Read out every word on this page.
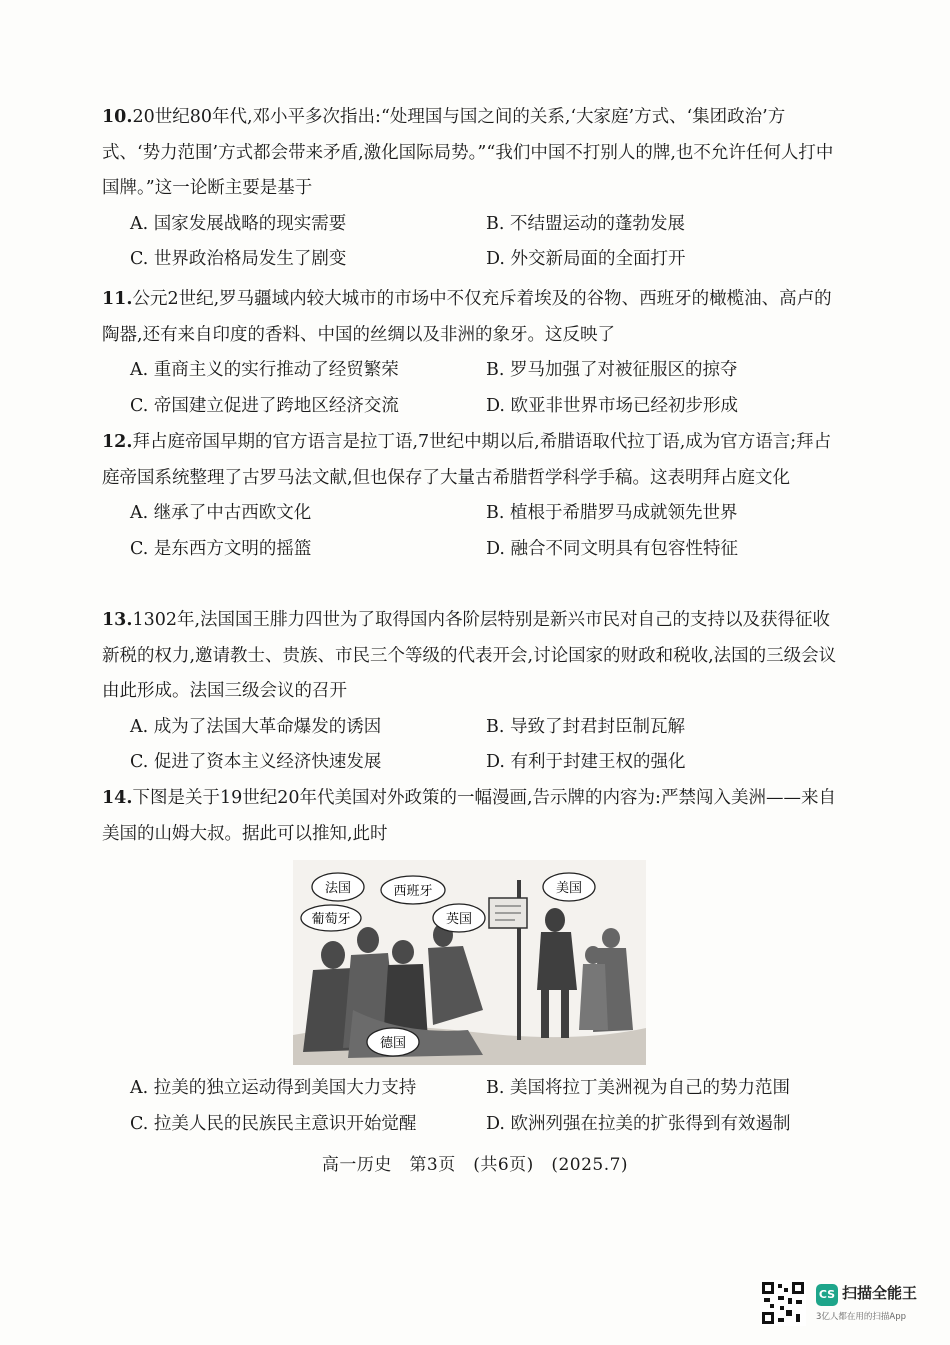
10.20世纪80年代,邓小平多次指出:“处理国与国之间的关系,‘大家庭’方式、‘集团政治’方式、‘势力范围’方式都会带来矛盾,激化国际局势。”“我们中国不打别人的牌,也不允许任何人打中国牌。”这一论断主要是基于

A. 国家发展战略的现实需要	B. 不结盟运动的蓬勃发展
C. 世界政治格局发生了剧变	D. 外交新局面的全面打开

11.公元2世纪,罗马疆域内较大城市的市场中不仅充斥着埃及的谷物、西班牙的橄榄油、高卢的陶器,还有来自印度的香料、中国的丝绸以及非洲的象牙。这反映了

A. 重商主义的实行推动了经贸繁荣	B. 罗马加强了对被征服区的掠夺
C. 帝国建立促进了跨地区经济交流	D. 欧亚非世界市场已经初步形成

12.拜占庭帝国早期的官方语言是拉丁语,7世纪中期以后,希腊语取代拉丁语,成为官方语言;拜占庭帝国系统整理了古罗马法文献,但也保存了大量古希腊哲学科学手稿。这表明拜占庭文化

A. 继承了中古西欧文化	B. 植根于希腊罗马成就领先世界
C. 是东西方文明的摇篮	D. 融合不同文明具有包容性特征

13.1302年,法国国王腓力四世为了取得国内各阶层特别是新兴市民对自己的支持以及获得征收新税的权力,邀请教士、贵族、市民三个等级的代表开会,讨论国家的财政和税收,法国的三级会议由此形成。法国三级会议的召开

A. 成为了法国大革命爆发的诱因	B. 导致了封君封臣制瓦解
C. 促进了资本主义经济快速发展	D. 有利于封建王权的强化

14.下图是关于19世纪20年代美国对外政策的一幅漫画,告示牌的内容为:严禁闯入美洲——来自美国的山姆大叔。据此可以推知,此时

法国
葡萄牙
西班牙
英国
美国
德国
A. 拉美的独立运动得到美国大力支持	B. 美国将拉丁美洲视为自己的势力范围
C. 拉美人民的民族民主意识开始觉醒	D. 欧洲列强在拉美的扩张得到有效遏制
高一历史　第3页　(共6页)　(2025.7)
CS 扫描全能王
3亿人都在用的扫描App
